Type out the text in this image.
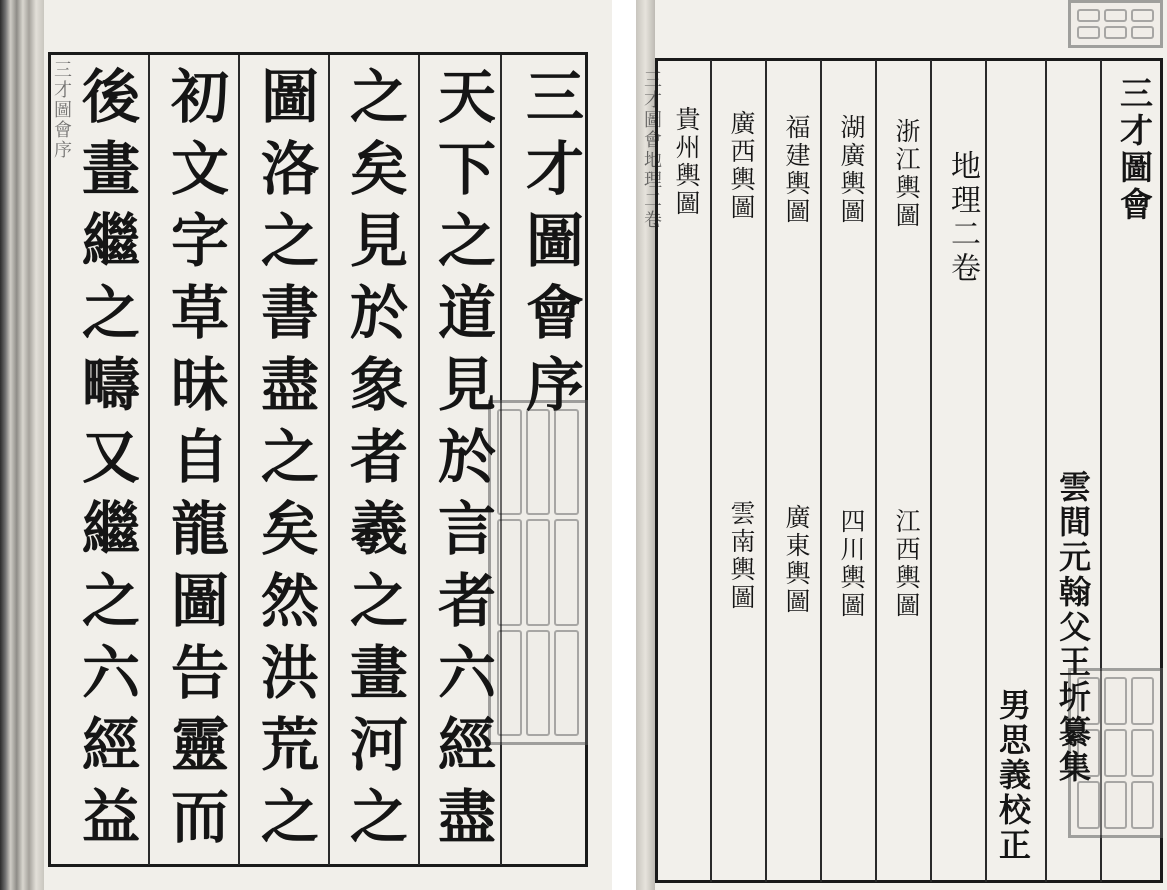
三才圖會序	三才圖會序
天下之道見於言者六經盡
之矣見於象者羲之畫河之
圖洛之書盡之矣然洪荒之
初文字草昧自龍圖告靈而
後畫繼之疇又繼之六經益	三才圖會地理二卷	三才圖會
雲間元翰父王圻纂集
男思義校正
地理二卷
浙江輿圖
湖廣輿圖
福建輿圖
廣西輿圖
貴州輿圖
江西輿圖
四川輿圖
廣東輿圖
雲南輿圖
